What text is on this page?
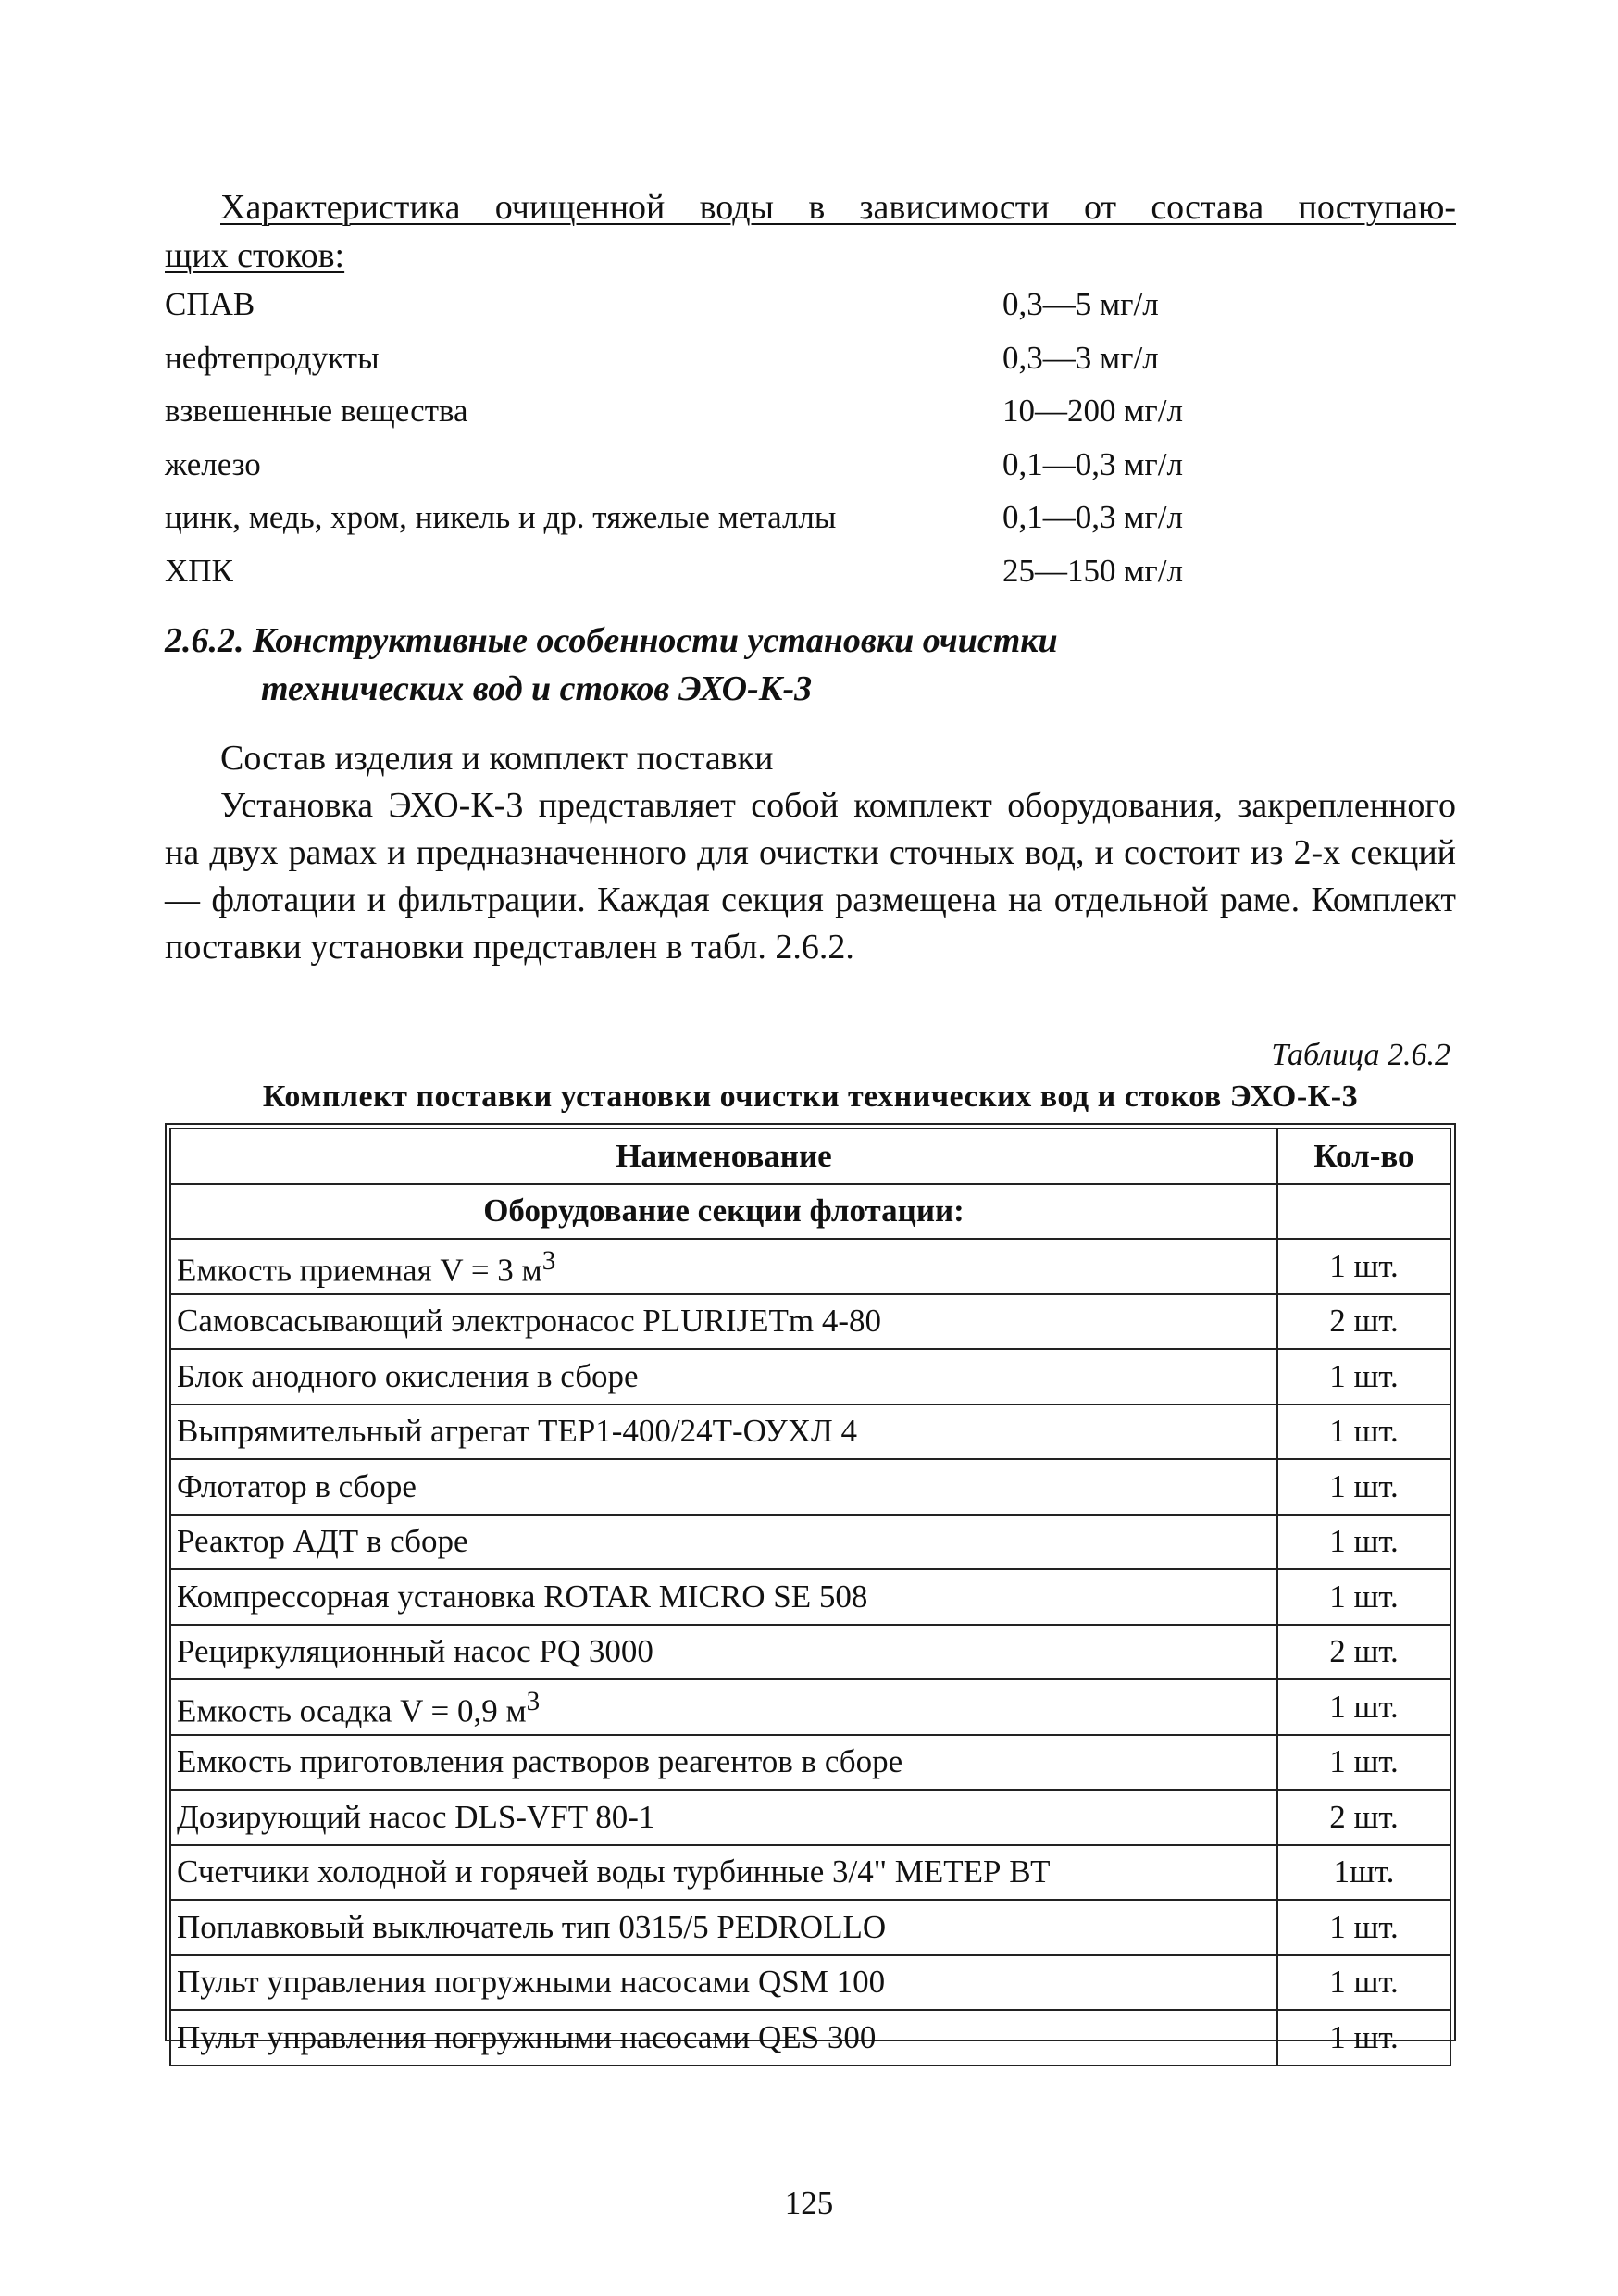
Характеристика очищенной воды в зависимости от состава поступаю-
щих стоков:
СПАВ	0,3—5 мг/л
нефтепродукты	0,3—3 мг/л
взвешенные вещества	10—200 мг/л
железо	0,1—0,3 мг/л
цинк, медь, хром, никель и др. тяжелые металлы	0,1—0,3 мг/л
ХПК	25—150 мг/л
2.6.2. Конструктивные особенности установки очистки
технических вод и стоков ЭХО-К-3
Состав изделия и комплект поставки
Установка ЭХО-К-3 представляет собой комплект оборудования, закрепленного на двух рамах и предназначенного для очистки сточных вод, и состоит из 2-х секций — флотации и фильтрации. Каждая секция размещена на отдельной раме. Комплект поставки установки представлен в табл. 2.6.2.
Таблица 2.6.2
Комплект поставки установки очистки технических вод и стоков ЭХО-К-3
Наименование	Кол-во
Оборудование секции флотации:	
Емкость приемная V = 3 $м^3$	1 шт.
Самовсасывающий электронасос PLURIJETm 4-80	2 шт.
Блок анодного окисления в сборе	1 шт.
Выпрямительный агрегат ТЕР1-400/24Т-ОУХЛ 4	1 шт.
Флотатор в сборе	1 шт.
Реактор АДТ в сборе	1 шт.
Компрессорная установка ROTAR MICRO SE 508	1 шт.
Рециркуляционный насос PQ 3000	2 шт.
Емкость осадка V = 0,9 $м^3$	1 шт.
Емкость приготовления растворов реагентов в сборе	1 шт.
Дозирующий насос DLS-VFT 80-1	2 шт.
Счетчики холодной и горячей воды турбинные 3/4" МЕТЕР ВТ	1шт.
Поплавковый выключатель тип 0315/5 PEDROLLO	1 шт.
Пульт управления погружными насосами QSM 100	1 шт.
Пульт управления погружными насосами QES 300	1 шт.
125
